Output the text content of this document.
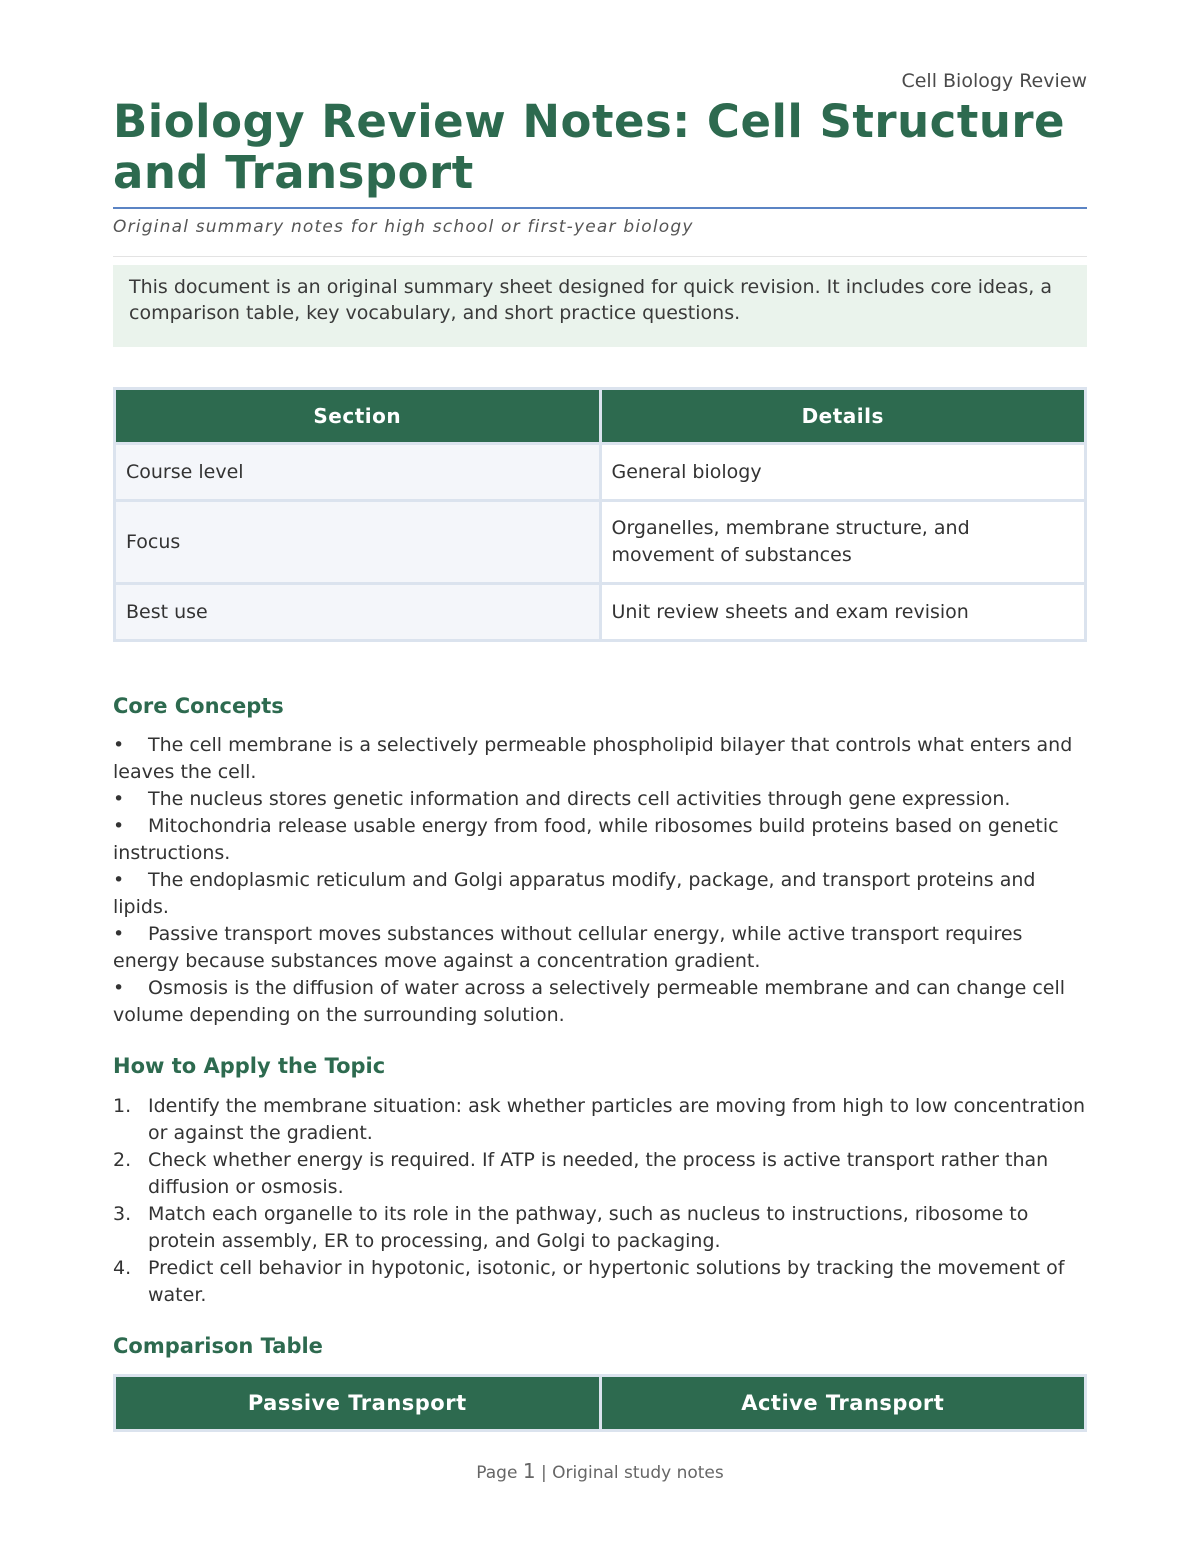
Cell Biology Review
Biology Review Notes: Cell Structure and Transport
Original summary notes for high school or first-year biology
This document is an original summary sheet designed for quick revision. It includes core ideas, a comparison table, key vocabulary, and short practice questions.
Section	Details
Course level	General biology
Focus	Organelles, membrane structure, and movement of substances
Best use	Unit review sheets and exam revision
Core Concepts
• The cell membrane is a selectively permeable phospholipid bilayer that controls what enters and leaves the cell.
• The nucleus stores genetic information and directs cell activities through gene expression.
• Mitochondria release usable energy from food, while ribosomes build proteins based on genetic instructions.
• The endoplasmic reticulum and Golgi apparatus modify, package, and transport proteins and lipids.
• Passive transport moves substances without cellular energy, while active transport requires energy because substances move against a concentration gradient.
• Osmosis is the diffusion of water across a selectively permeable membrane and can change cell volume depending on the surrounding solution.
How to Apply the Topic
1. Identify the membrane situation: ask whether particles are moving from high to low concentration or against the gradient.
2. Check whether energy is required. If ATP is needed, the process is active transport rather than diffusion or osmosis.
3. Match each organelle to its role in the pathway, such as nucleus to instructions, ribosome to protein assembly, ER to processing, and Golgi to packaging.
4. Predict cell behavior in hypotonic, isotonic, or hypertonic solutions by tracking the movement of water.
Comparison Table
Passive Transport	Active Transport
Page 1 | Original study notes
